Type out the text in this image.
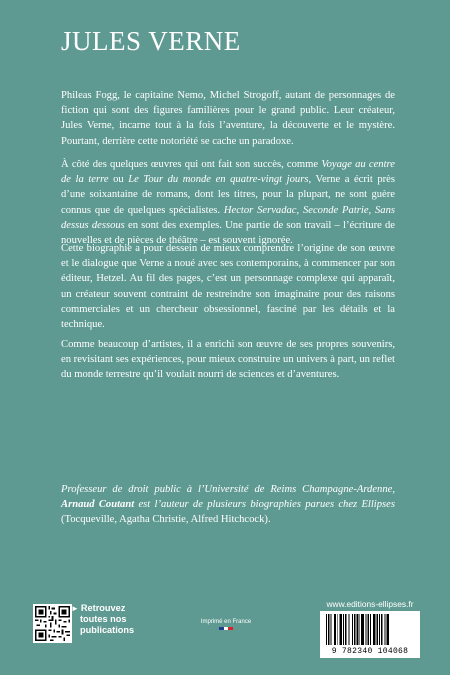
JULES VERNE

Phileas Fogg, le capitaine Nemo, Michel Strogoff, autant de personnages de fiction qui sont des figures familières pour le grand public. Leur créateur, Jules Verne, incarne tout à la fois l’aventure, la découverte et le mystère. Pourtant, derrière cette notoriété se cache un paradoxe.

À côté des quelques œuvres qui ont fait son succès, comme Voyage au centre de la terre ou Le Tour du monde en quatre-vingt jours, Verne a écrit près d’une soixantaine de romans, dont les titres, pour la plupart, ne sont guère connus que de quelques spécialistes. Hector Servadac, Seconde Patrie, Sans dessus dessous en sont des exemples. Une partie de son travail – l’écriture de nouvelles et de pièces de théâtre – est souvent ignorée.

Cette biographie a pour dessein de mieux comprendre l’origine de son œuvre et le dialogue que Verne a noué avec ses contemporains, à commencer par son éditeur, Hetzel. Au fil des pages, c’est un personnage complexe qui apparaît, un créateur souvent contraint de restreindre son imaginaire pour des raisons commerciales et un chercheur obsessionnel, fasciné par les détails et la technique.

Comme beaucoup d’artistes, il a enrichi son œuvre de ses propres souvenirs, en revisitant ses expériences, pour mieux construire un univers à part, un reflet du monde terrestre qu’il voulait nourri de sciences et d’aventures.

Professeur de droit public à l’Université de Reims Champagne-Ardenne, Arnaud Coutant est l’auteur de plusieurs biographies parues chez Ellipses (Tocqueville, Agatha Christie, Alfred Hitchcock).

► Retrouvez
toutes nos
publications
Imprimé en France
www.editions-ellipses.fr
9 782340 104068
